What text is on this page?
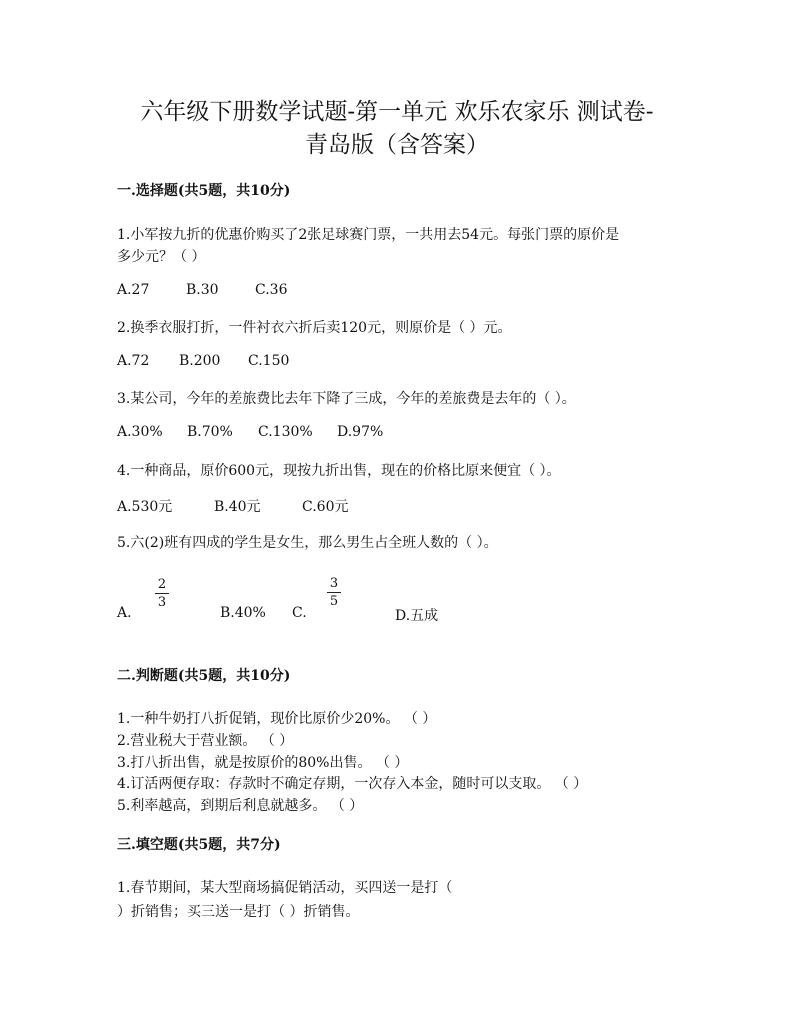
六年级下册数学试题-第一单元 欢乐农家乐 测试卷-
青岛版（含答案）
一.选择题(共5题，共10分)
1.小军按九折的优惠价购买了2张足球赛门票，一共用去54元。每张门票的原价是
多少元？（ ）
A.27	B.30	C.36
2.换季衣服打折，一件衬衣六折后卖120元，则原价是（ ）元。
A.72 B.200 C.150
3.某公司，今年的差旅费比去年下降了三成，今年的差旅费是去年的（ ）。
A.30% B.70% C.130% D.97%
4.一种商品，原价600元，现按九折出售，现在的价格比原来便宜（ ）。
A.530元	B.40元	C.60元
5.六(2)班有四成的学生是女生，那么男生占全班人数的（ ）。
2
3
A.	B.40% C.
3
5
D.五成
二.判断题(共5题，共10分)
1.一种牛奶打八折促销，现价比原价少20%。 （ ）
2.营业税大于营业额。 （ ）
3.打八折出售，就是按原价的80%出售。 （ ）
4.订活两便存取：存款时不确定存期，一次存入本金，随时可以支取。 （ ）
5.利率越高，到期后利息就越多。 （ ）
三.填空题(共5题，共7分)
1.春节期间，某大型商场搞促销活动，买四送一是打（
）折销售；买三送一是打（ ）折销售。
